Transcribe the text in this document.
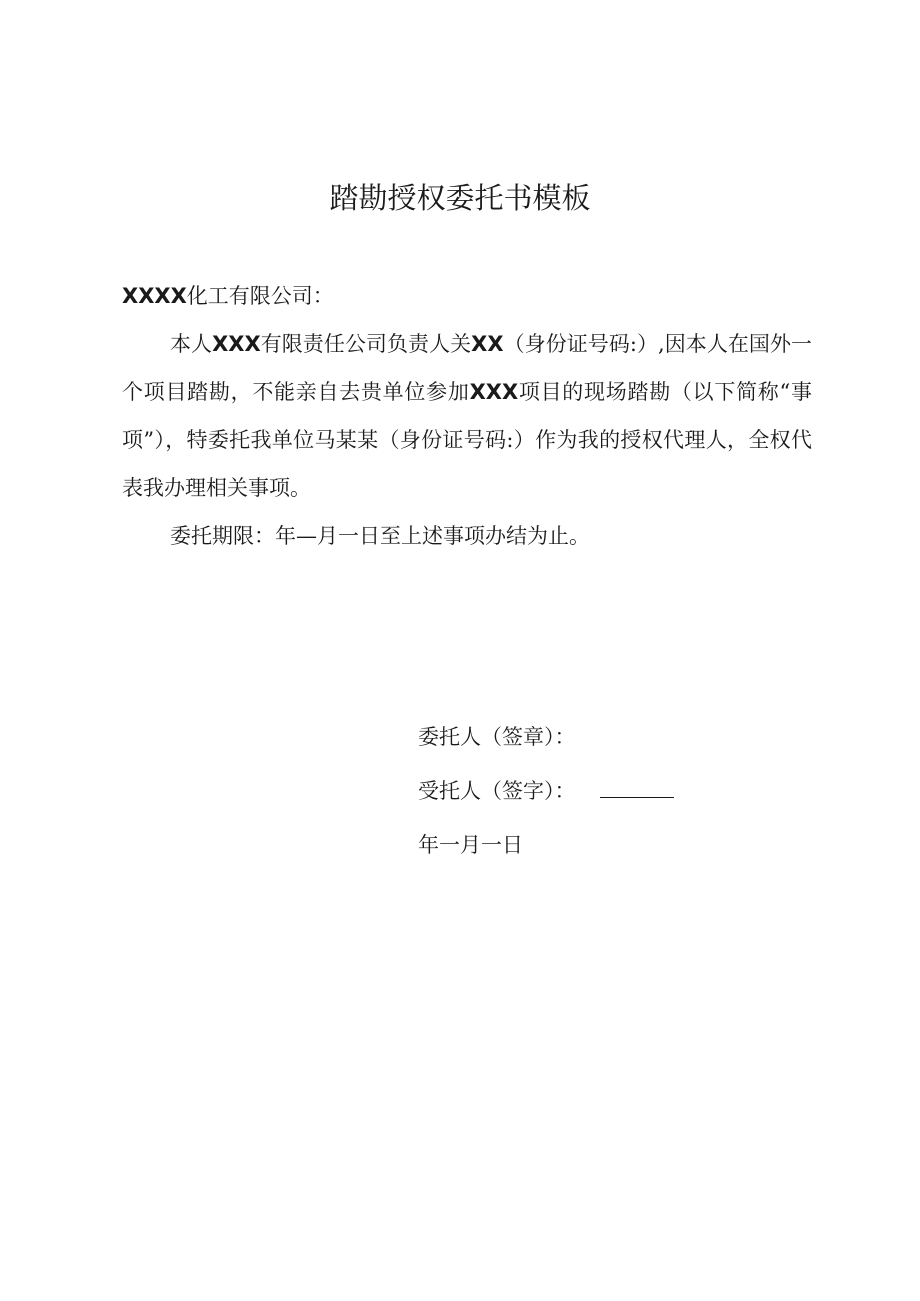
踏勘授权委托书模板

XXXX化工有限公司：

本人XXX有限责任公司负责人关XX（身份证号码:）,因本人在国外一个项目踏勘，不能亲自去贵单位参加XXX项目的现场踏勘（以下简称“事项”），特委托我单位马某某（身份证号码:）作为我的授权代理人，全权代表我办理相关事项。

委托期限：年—月一日至上述事项办结为止。

委托人（签章）：

受托人（签字）：

年一月一日
